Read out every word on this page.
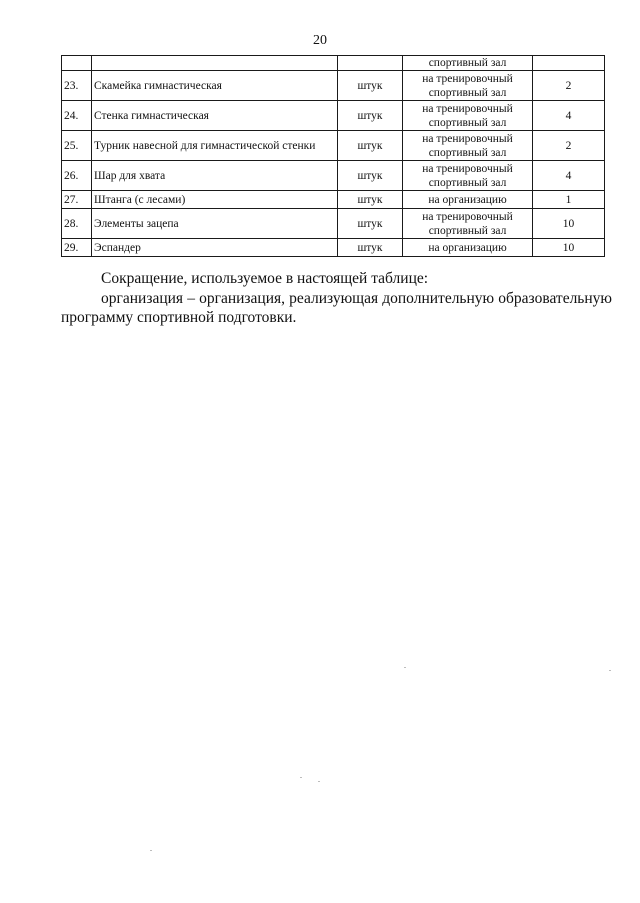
20
			спортивный зал	
23.	Скамейка гимнастическая	штук	на тренировочный спортивный зал	2
24.	Стенка гимнастическая	штук	на тренировочный спортивный зал	4
25.	Турник навесной для гимнастической стенки	штук	на тренировочный спортивный зал	2
26.	Шар для хвата	штук	на тренировочный спортивный зал	4
27.	Штанга (с лесами)	штук	на организацию	1
28.	Элементы зацепа	штук	на тренировочный спортивный зал	10
29.	Эспандер	штук	на организацию	10
Сокращение, используемое в настоящей таблице:
организация – организация, реализующая дополнительную образовательную программу спортивной подготовки.
